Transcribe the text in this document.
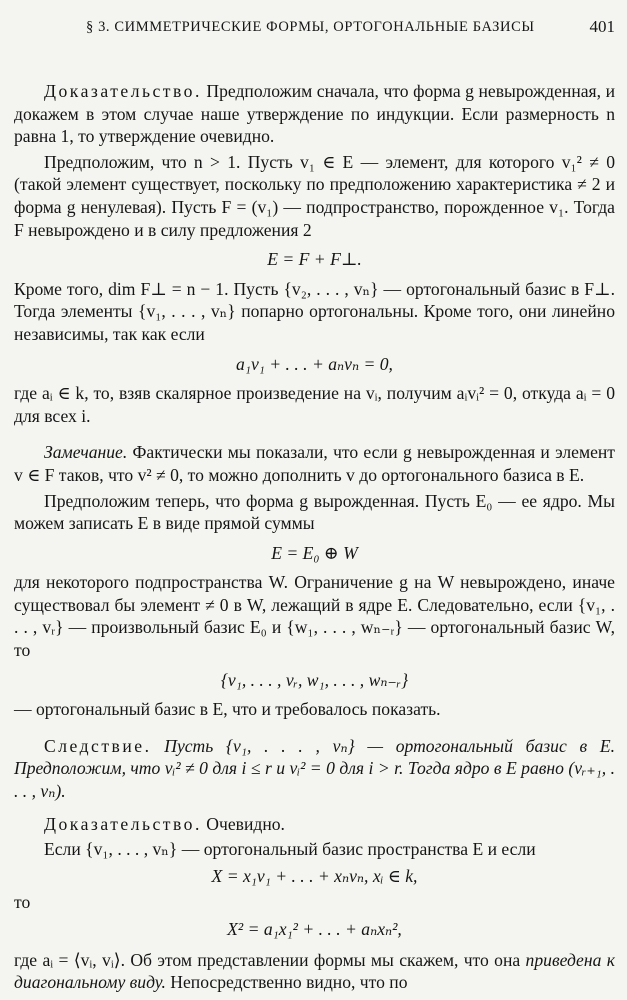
§ 3. СИММЕТРИЧЕСКИЕ ФОРМЫ, ОРТОГОНАЛЬНЫЕ БАЗИСЫ	401

Доказательство. Предположим сначала, что форма g невырожденная, и докажем в этом случае наше утверждение по индукции. Если размерность n равна 1, то утверждение очевидно.

Предположим, что n > 1. Пусть v₁ ∈ E — элемент, для которого v₁² ≠ 0 (такой элемент существует, поскольку по предположению характеристика ≠ 2 и форма g ненулевая). Пусть F = (v₁) — подпространство, порожденное v₁. Тогда F невырождено и в силу предложения 2

E = F + F⊥.

Кроме того, dim F⊥ = n − 1. Пусть {v₂, . . . , vₙ} — ортогональный базис в F⊥. Тогда элементы {v₁, . . . , vₙ} попарно ортогональны. Кроме того, они линейно независимы, так как если

a₁v₁ + . . . + aₙvₙ = 0,

где aᵢ ∈ k, то, взяв скалярное произведение на vᵢ, получим aᵢvᵢ² = 0, откуда aᵢ = 0 для всех i.

Замечание. Фактически мы показали, что если g невырожденная и элемент v ∈ F таков, что v² ≠ 0, то можно дополнить v до ортогонального базиса в E.

Предположим теперь, что форма g вырожденная. Пусть E₀ — ее ядро. Мы можем записать E в виде прямой суммы

E = E₀ ⊕ W

для некоторого подпространства W. Ограничение g на W невырождено, иначе существовал бы элемент ≠ 0 в W, лежащий в ядре E. Следовательно, если {v₁, . . . , vᵣ} — произвольный базис E₀ и {w₁, . . . , wₙ₋ᵣ} — ортогональный базис W, то

{v₁, . . . , vᵣ, w₁, . . . , wₙ₋ᵣ}

— ортогональный базис в E, что и требовалось показать.

Следствие. Пусть {v₁, . . . , vₙ} — ортогональный базис в E. Предположим, что vᵢ² ≠ 0 для i ≤ r и vᵢ² = 0 для i > r. Тогда ядро в E равно (vᵣ₊₁, . . . , vₙ).

Доказательство. Очевидно.

Если {v₁, . . . , vₙ} — ортогональный базис пространства E и если

X = x₁v₁ + . . . + xₙvₙ, xᵢ ∈ k,

то

X² = a₁x₁² + . . . + aₙxₙ²,

где aᵢ = ⟨vᵢ, vᵢ⟩. Об этом представлении формы мы скажем, что она приведена к диагональному виду. Непосредственно видно, что по
